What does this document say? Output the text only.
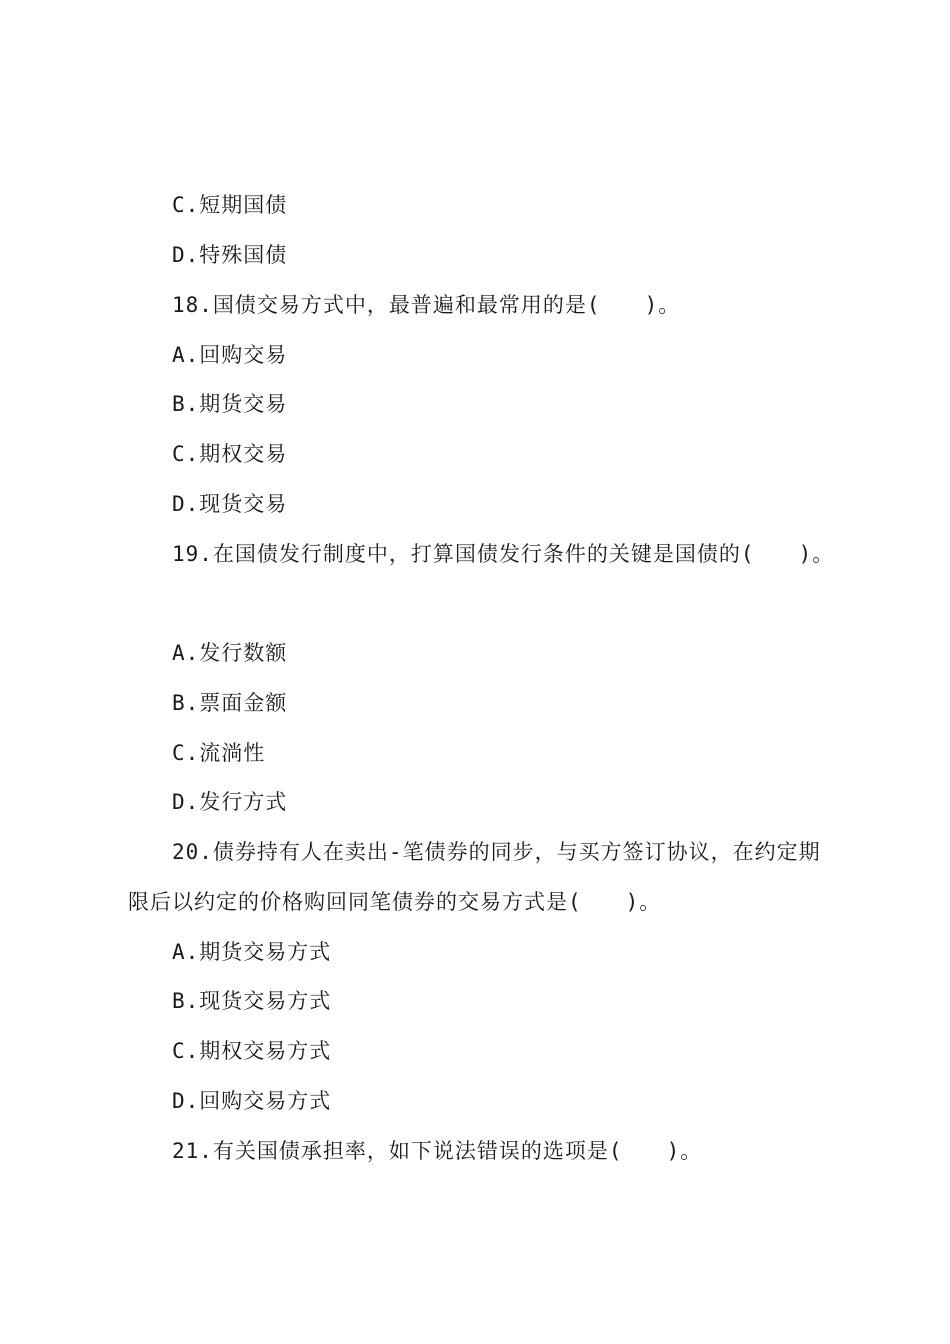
C.短期国债
D.特殊国债
18.国债交易方式中，最普遍和最常用的是(　　)。
A.回购交易
B.期货交易
C.期权交易
D.现货交易
19.在国债发行制度中，打算国债发行条件的关键是国债的(　　)。
A.发行数额
B.票面金额
C.流淌性
D.发行方式
20.债券持有人在卖出-笔债券的同步，与买方签订协议，在约定期
限后以约定的价格购回同笔债券的交易方式是(　　)。
A.期货交易方式
B.现货交易方式
C.期权交易方式
D.回购交易方式
21.有关国债承担率，如下说法错误的选项是(　　)。
